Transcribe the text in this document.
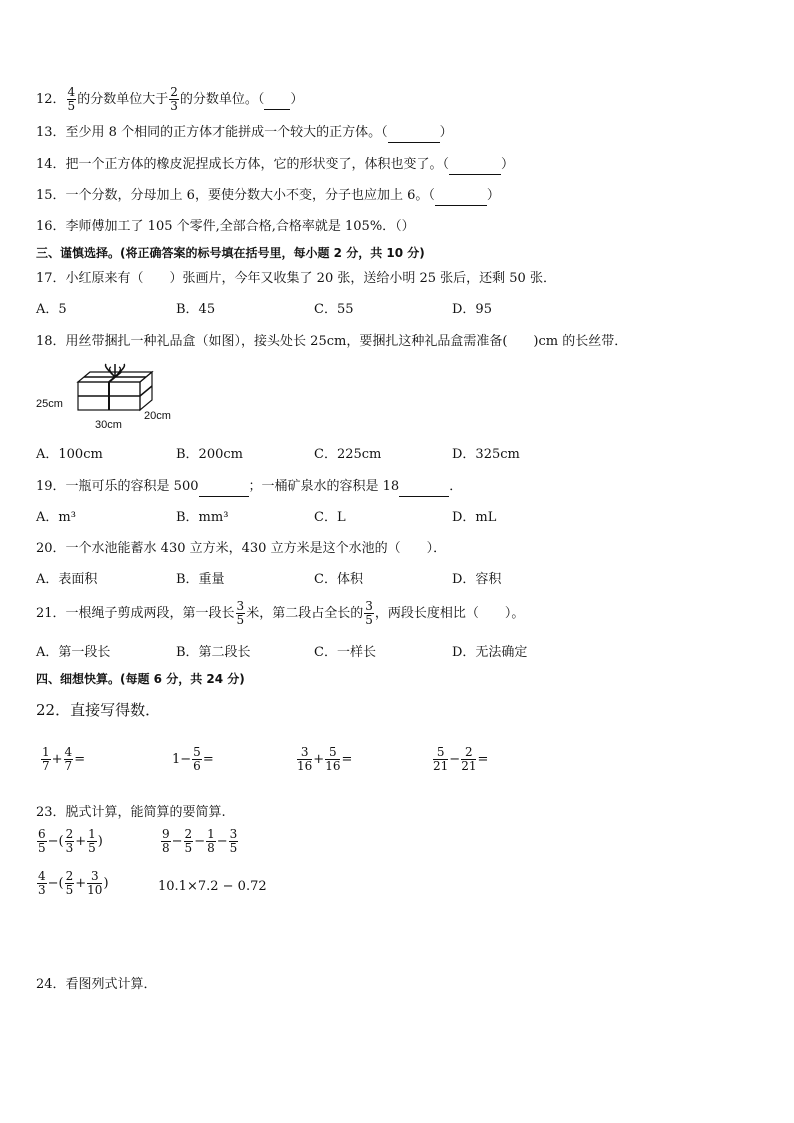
12． $\frac{4}{5}$ 的分数单位大于 $\frac{2}{3}$ 的分数单位。（ ）
13．至少用 8 个相同的正方体才能拼成一个较大的正方体。（	）
14．把一个正方体的橡皮泥捏成长方体，它的形状变了，体积也变了。（	）
15．一个分数，分母加上 6，要使分数大小不变，分子也应加上 6。（	）
16．李师傅加工了 105 个零件,全部合格,合格率就是 105%．（）
三、谨慎选择。(将正确答案的标号填在括号里，每小题 2 分，共 10 分)
17．小红原来有（　　）张画片，今年又收集了 20 张，送给小明 25 张后，还剩 50 张．
A．5	B．45	C．55	D．95
18．用丝带捆扎一种礼品盒（如图），接头处长 25cm，要捆扎这种礼品盒需准备(　　)cm 的长丝带．
25cm
30cm
20cm
A．100cm	B．200cm	C．225cm	D．325cm
19．一瓶可乐的容积是 500	；一桶矿泉水的容积是 18	．
A．m³	B．mm³	C．L	D．mL
20．一个水池能蓄水 430 立方米，430 立方米是这个水池的（　　）．
A．表面积	B．重量	C．体积	D．容积
21．一根绳子剪成两段，第一段长 $\frac{3}{5}$ 米，第二段占全长的 $\frac{3}{5}$ ，两段长度相比（　　）。
A．第一段长	B．第二段长	C．一样长	D．无法确定
四、细想快算。(每题 6 分，共 24 分)
22．直接写得数．
$\frac{1}{7} + \frac{4}{7}$ =	$1- \frac{5}{6}$ =	$\frac{3}{16} + \frac{5}{16}$ =	$\frac{5}{21} - \frac{2}{21}$ =
23．脱式计算，能简算的要简算.
$\frac{6}{5}$ −( $\frac{2}{3} + \frac{1}{5}$ )	$\frac{9}{8} - \frac{2}{5} - \frac{1}{8} - \frac{3}{5}$
$\frac{4}{3}$ −( $\frac{2}{5} + \frac{3}{10}$ )	10.1×7.2 − 0.72
24．看图列式计算．
